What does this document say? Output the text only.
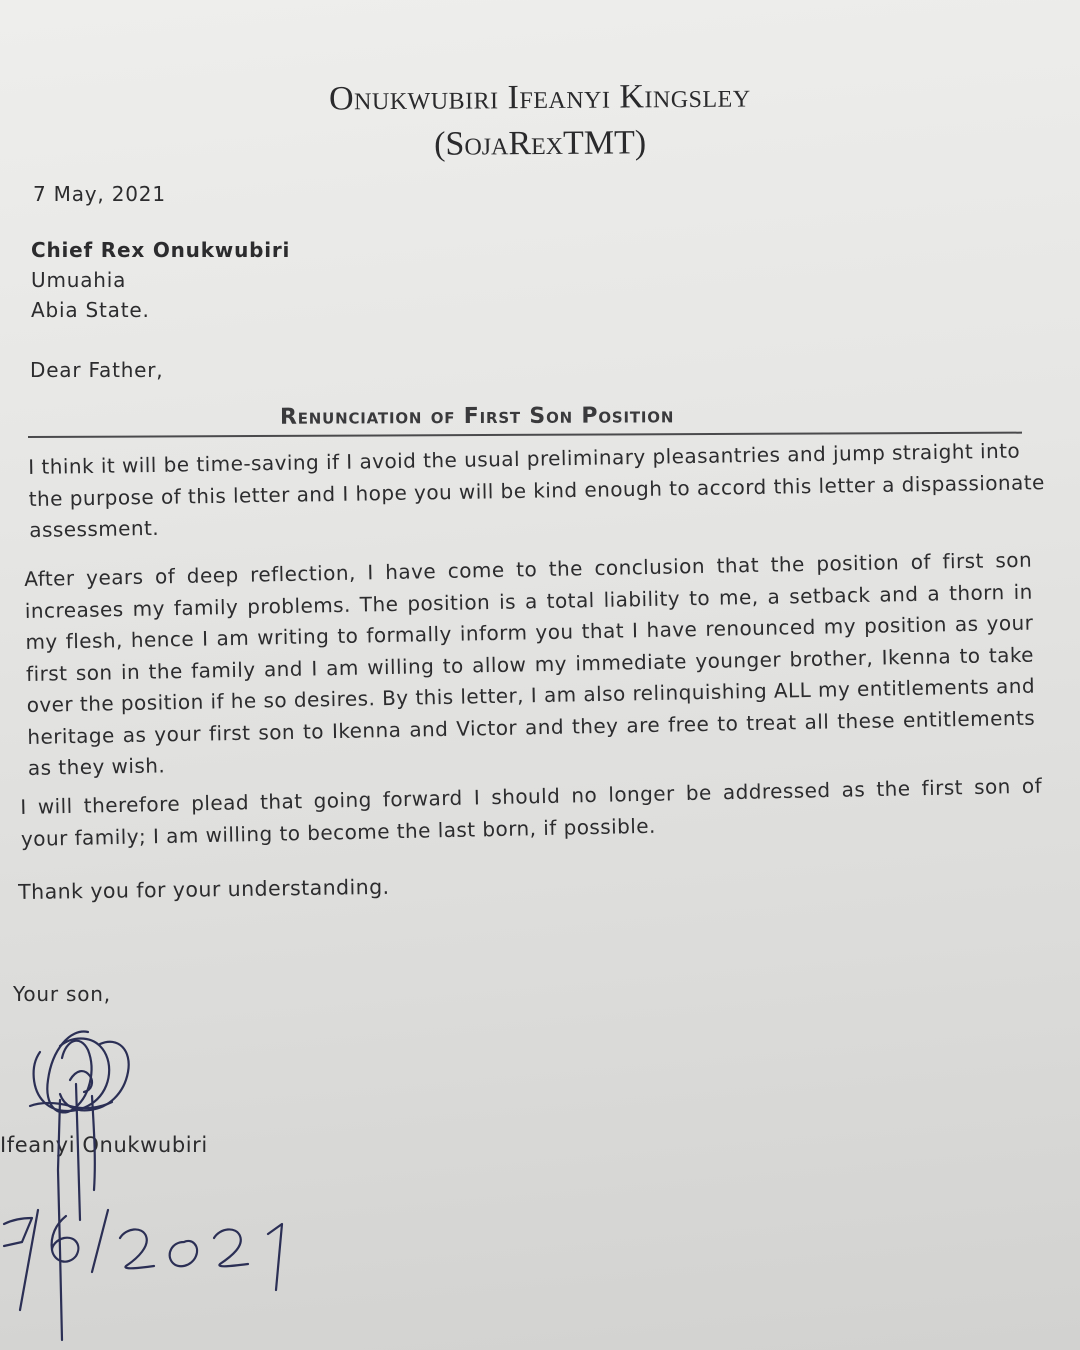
Onukwubiri Ifeanyi Kingsley
(SojaRexTMT)
7 May, 2021
Chief Rex Onukwubiri
Umuahia
Abia State.
Dear Father,
Renunciation of First Son Position
I think it will be time-saving if I avoid the usual preliminary pleasantries and jump straight into
the purpose of this letter and I hope you will be kind enough to accord this letter a dispassionate
assessment.
After years of deep reflection, I have come to the conclusion that the position of first son
increases my family problems. The position is a total liability to me, a setback and a thorn in
my flesh, hence I am writing to formally inform you that I have renounced my position as your
first son in the family and I am willing to allow my immediate younger brother, Ikenna to take
over the position if he so desires. By this letter, I am also relinquishing ALL my entitlements and
heritage as your first son to Ikenna and Victor and they are free to treat all these entitlements
as they wish.
I will therefore plead that going forward I should no longer be addressed as the first son of
your family; I am willing to become the last born, if possible.
Thank you for your understanding.
Your son,
Ifeanyi Onukwubiri
